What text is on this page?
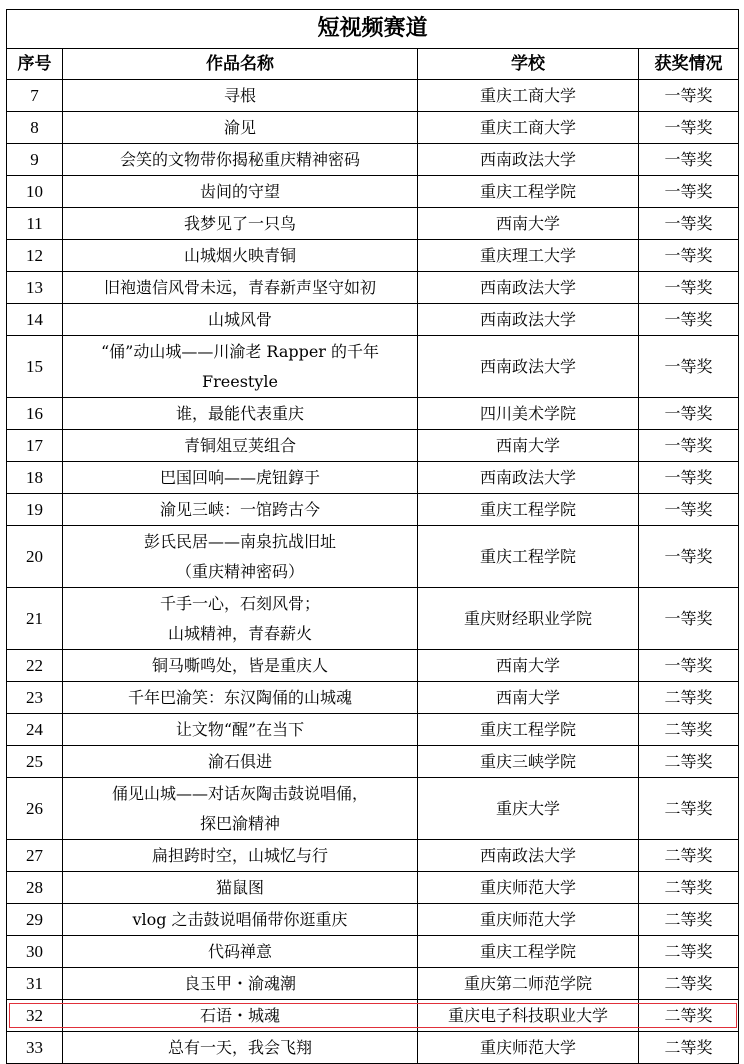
短视频赛道			
序号	作品名称	学校	获奖情况
7	寻根	重庆工商大学	一等奖
8	渝见	重庆工商大学	一等奖
9	会笑的文物带你揭秘重庆精神密码	西南政法大学	一等奖
10	齿间的守望	重庆工程学院	一等奖
11	我梦见了一只鸟	西南大学	一等奖
12	山城烟火映青铜	重庆理工大学	一等奖
13	旧袍遗信风骨未远，青春新声坚守如初	西南政法大学	一等奖
14	山城风骨	西南政法大学	一等奖
15	“俑”动山城——川渝老 Rapper 的千年
Freestyle	西南政法大学	一等奖
16	谁，最能代表重庆	四川美术学院	一等奖
17	青铜俎豆荚组合	西南大学	一等奖
18	巴国回响——虎钮錞于	西南政法大学	一等奖
19	渝见三峡：一馆跨古今	重庆工程学院	一等奖
20	彭氏民居——南泉抗战旧址
（重庆精神密码）	重庆工程学院	一等奖
21	千手一心，石刻风骨；
山城精神，青春薪火	重庆财经职业学院	一等奖
22	铜马嘶鸣处，皆是重庆人	西南大学	一等奖
23	千年巴渝笑：东汉陶俑的山城魂	西南大学	二等奖
24	让文物“醒”在当下	重庆工程学院	二等奖
25	渝石俱进	重庆三峡学院	二等奖
26	俑见山城——对话灰陶击鼓说唱俑，
探巴渝精神	重庆大学	二等奖
27	扁担跨时空，山城忆与行	西南政法大学	二等奖
28	猫鼠图	重庆师范大学	二等奖
29	vlog 之击鼓说唱俑带你逛重庆	重庆师范大学	二等奖
30	代码禅意	重庆工程学院	二等奖
31	良玉甲・渝魂潮	重庆第二师范学院	二等奖
32	石语・城魂	重庆电子科技职业大学	二等奖
33	总有一天，我会飞翔	重庆师范大学	二等奖
